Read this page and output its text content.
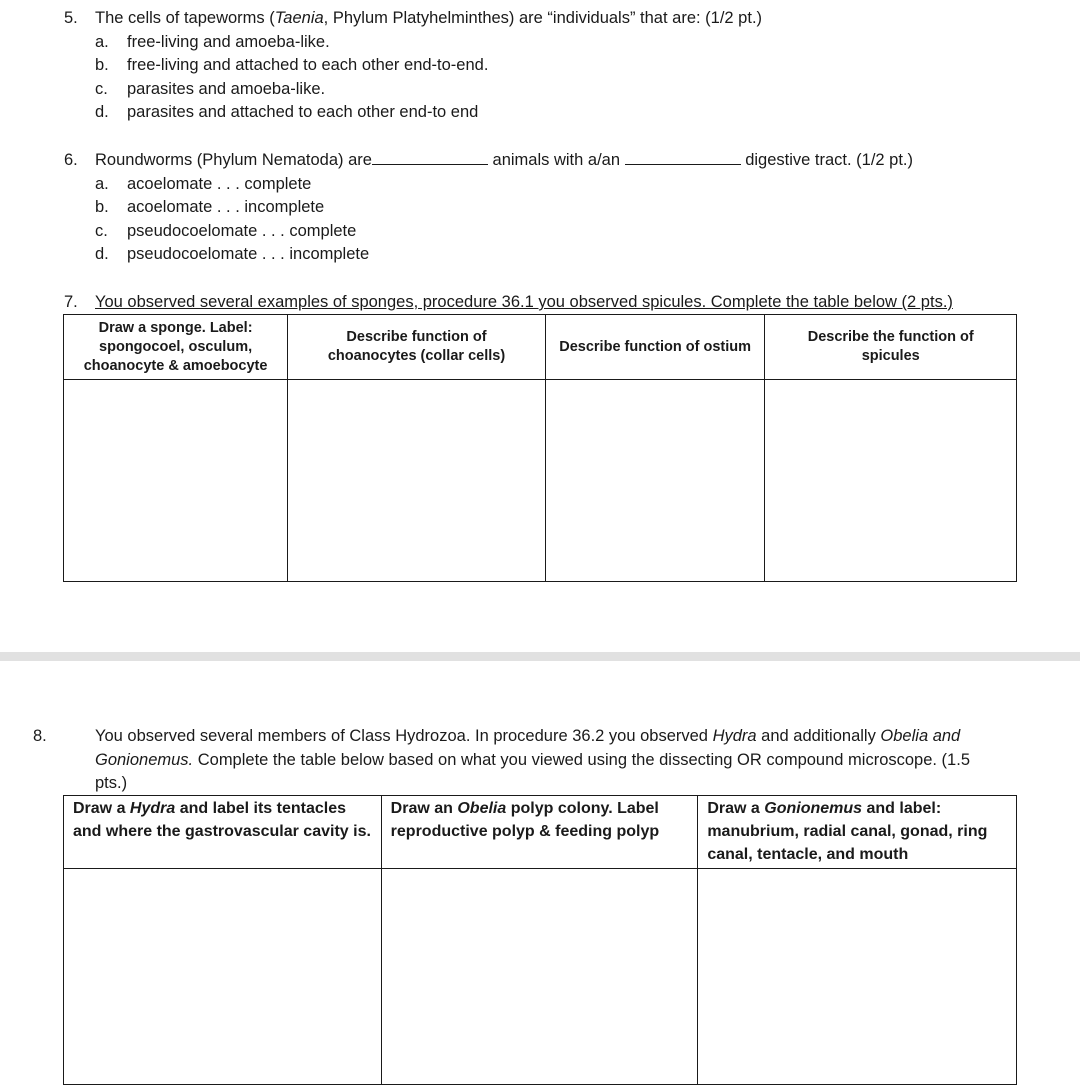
5. The cells of tapeworms (Taenia, Phylum Platyhelminthes) are “individuals” that are: (1/2 pt.)
a. free-living and amoeba-like.
b. free-living and attached to each other end-to-end.
c. parasites and amoeba-like.
d. parasites and attached to each other end-to end
6. Roundworms (Phylum Nematoda) are	animals with a/an	digestive tract. (1/2 pt.)
a. acoelomate . . . complete
b. acoelomate . . . incomplete
c. pseudocoelomate . . . complete
d. pseudocoelomate . . . incomplete
7. You observed several examples of sponges, procedure 36.1 you observed spicules. Complete the table below (2 pts.)
Draw a sponge. Label: spongocoel, osculum, choanocyte & amoebocyte	Describe function of choanocytes (collar cells)	Describe function of ostium	Describe the function of spicules

8.	You observed several members of Class Hydrozoa. In procedure 36.2 you observed Hydra and additionally Obelia and Gonionemus. Complete the table below based on what you viewed using the dissecting OR compound microscope. (1.5 pts.)
Draw a Hydra and label its tentacles and where the gastrovascular cavity is.	Draw an Obelia polyp colony. Label reproductive polyp & feeding polyp	Draw a Gonionemus and label: manubrium, radial canal, gonad, ring canal, tentacle, and mouth
